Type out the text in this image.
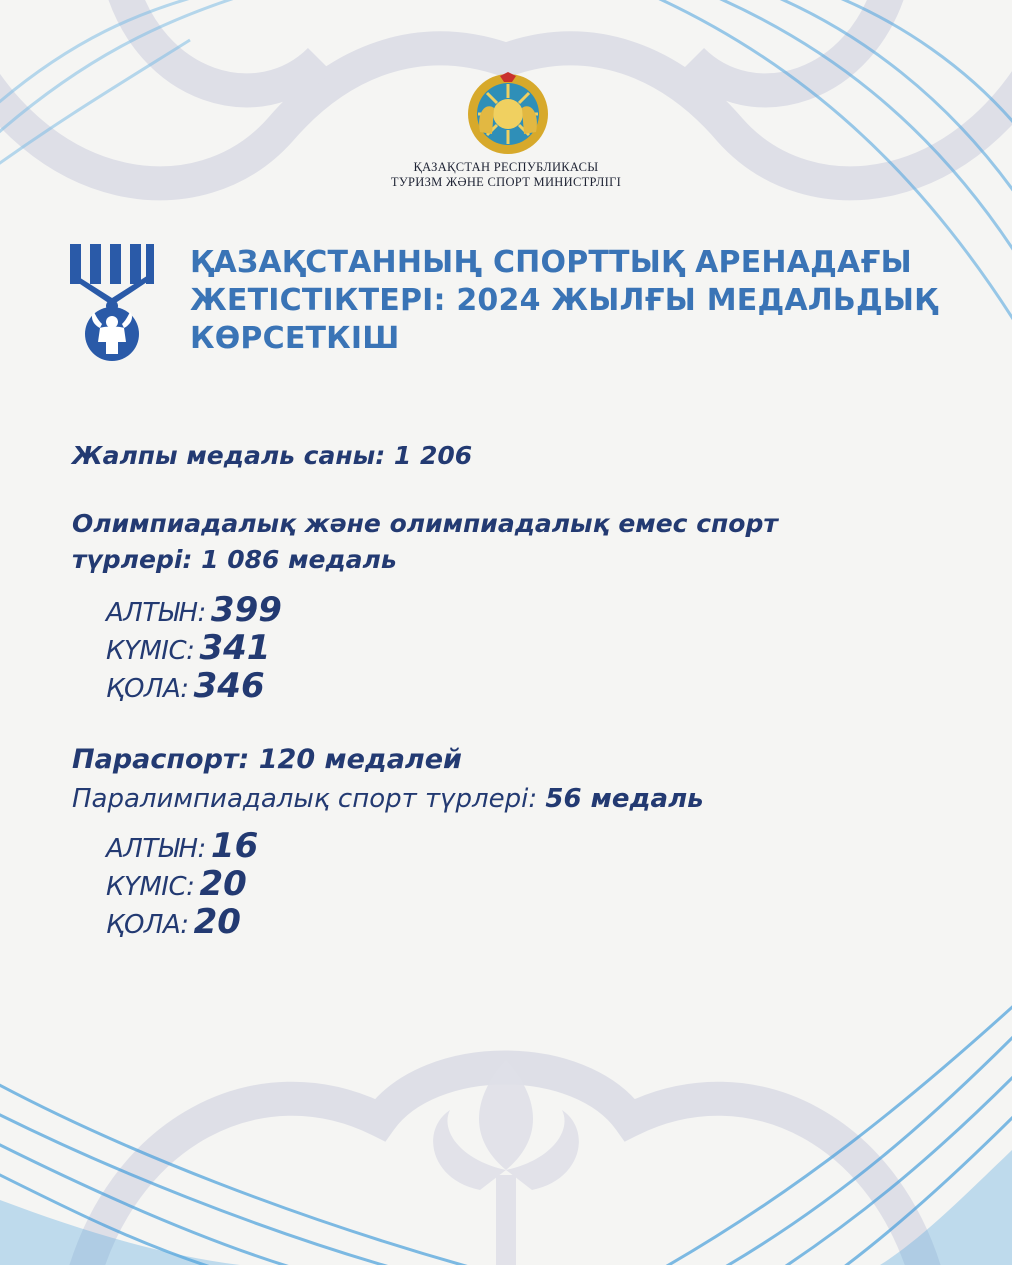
ҚАЗАҚСТАН РЕСПУБЛИКАСЫ
ТУРИЗМ ЖӘНЕ СПОРТ МИНИСТРЛІГІ
ҚАЗАҚСТАННЫҢ СПОРТТЫҚ АРЕНАДАҒЫ
ЖЕТІСТІКТЕРІ: 2024 ЖЫЛҒЫ МЕДАЛЬДЫҚ
КӨРСЕТКІШ
Жалпы медаль саны: 1 206
Олимпиадалық және олимпиадалық емес спорт
түрлері: 1 086 медаль
АЛТЫН: 399
КҮМІС: 341
ҚОЛА: 346
Параспорт: 120 медалей
Паралимпиадалық спорт түрлері: 56 медаль
АЛТЫН: 16
КҮМІС: 20
ҚОЛА: 20
